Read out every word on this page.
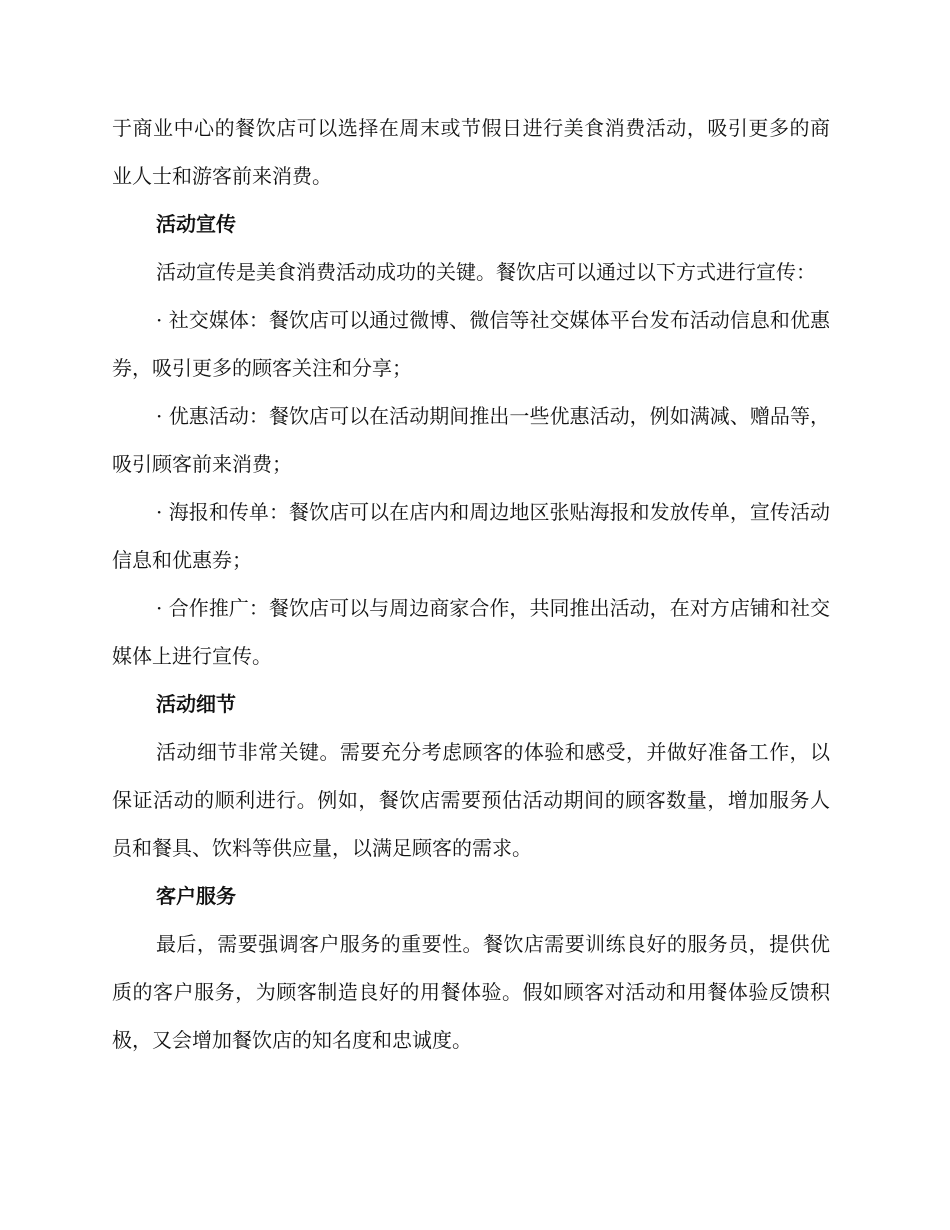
于商业中心的餐饮店可以选择在周末或节假日进行美食消费活动，吸引更多的商业人士和游客前来消费。

活动宣传

活动宣传是美食消费活动成功的关键。餐饮店可以通过以下方式进行宣传：

· 社交媒体：餐饮店可以通过微博、微信等社交媒体平台发布活动信息和优惠券，吸引更多的顾客关注和分享；

· 优惠活动：餐饮店可以在活动期间推出一些优惠活动，例如满减、赠品等，吸引顾客前来消费；

· 海报和传单：餐饮店可以在店内和周边地区张贴海报和发放传单，宣传活动信息和优惠券；

· 合作推广：餐饮店可以与周边商家合作，共同推出活动，在对方店铺和社交媒体上进行宣传。

活动细节

活动细节非常关键。需要充分考虑顾客的体验和感受，并做好准备工作，以保证活动的顺利进行。例如，餐饮店需要预估活动期间的顾客数量，增加服务人员和餐具、饮料等供应量，以满足顾客的需求。

客户服务

最后，需要强调客户服务的重要性。餐饮店需要训练良好的服务员，提供优质的客户服务，为顾客制造良好的用餐体验。假如顾客对活动和用餐体验反馈积极，又会增加餐饮店的知名度和忠诚度。
